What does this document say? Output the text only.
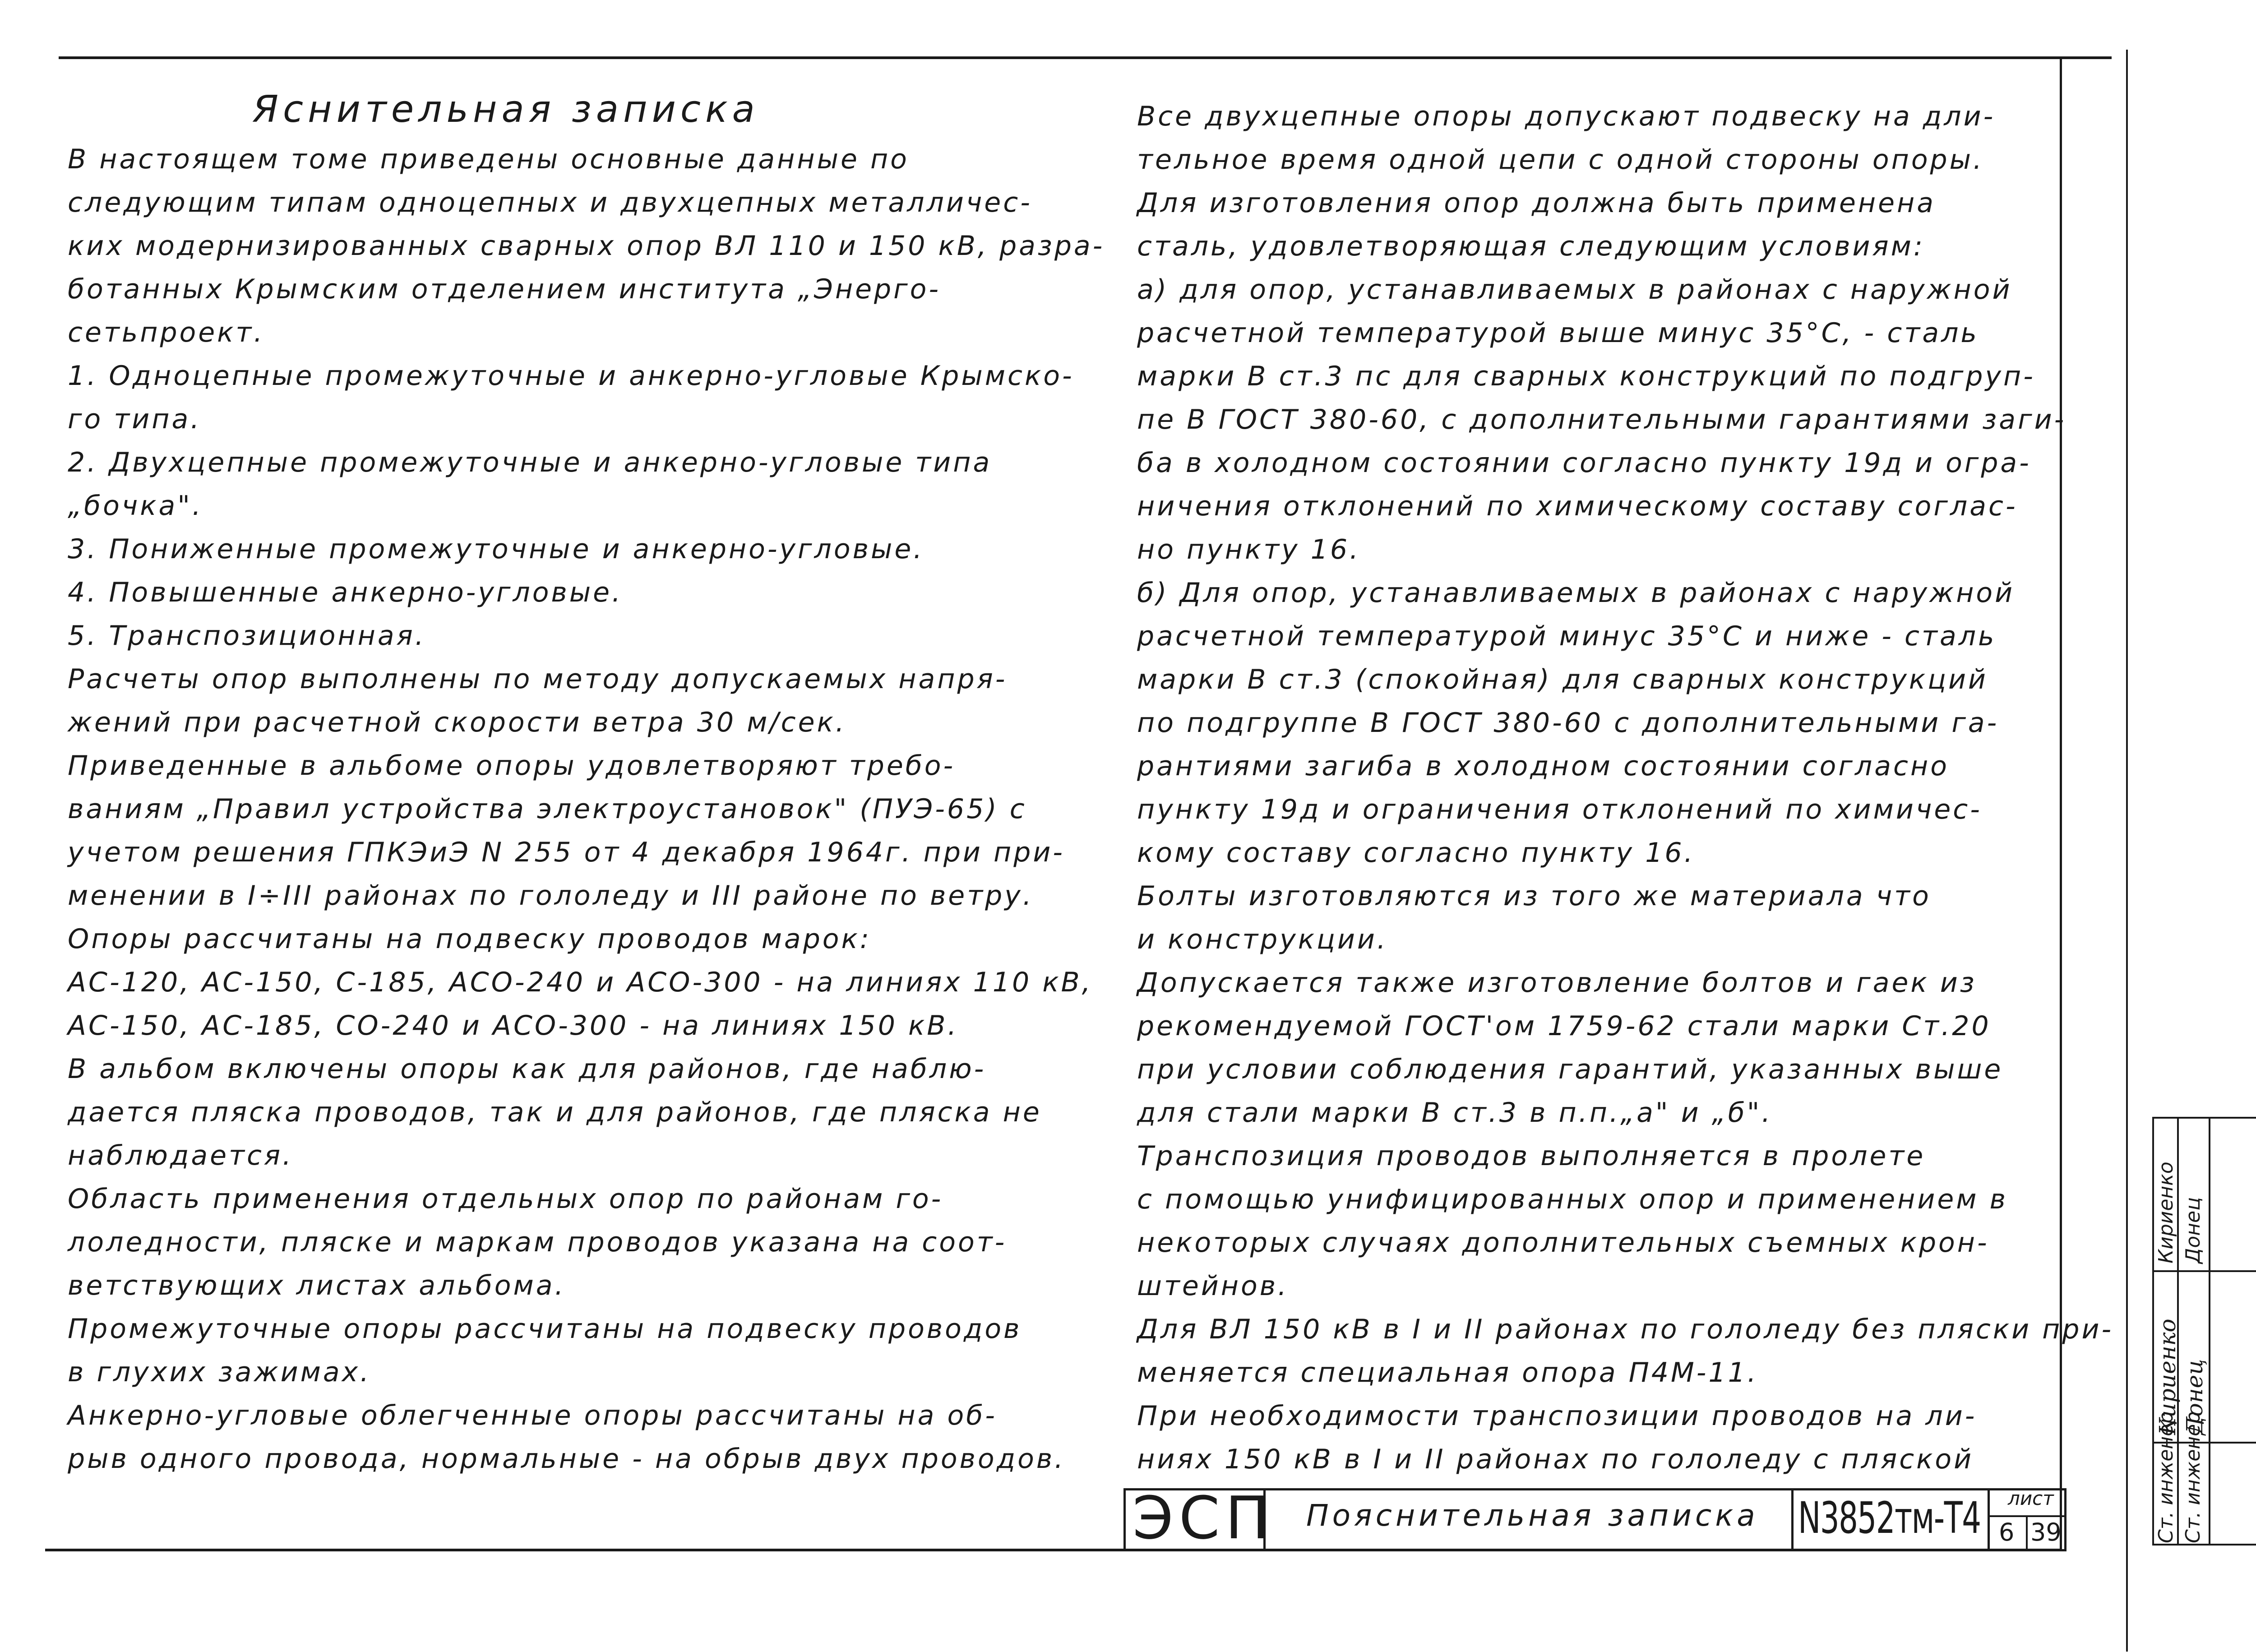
Яснительная записка

В настоящем томе приведены основные данные по

следующим типам одноцепных и двухцепных металличес-

ких модернизированных сварных опор ВЛ 110 и 150 кВ, разра-

ботанных Крымским отделением института „Энерго-

сетьпроект.

1. Одноцепные промежуточные и анкерно-угловые Крымско-

го типа.

2. Двухцепные промежуточные и анкерно-угловые типа

„бочка".

3. Пониженные промежуточные и анкерно-угловые.

4. Повышенные анкерно-угловые.

5. Транспозиционная.

Расчеты опор выполнены по методу допускаемых напря-

жений при расчетной скорости ветра 30 м/сек.

Приведенные в альбоме опоры удовлетворяют требо-

ваниям „Правил устройства электроустановок" (ПУЭ-65) с

учетом решения ГПКЭиЭ N 255 от 4 декабря 1964г. при при-

менении в I÷III районах по гололеду и III районе по ветру.

Опоры рассчитаны на подвеску проводов марок:

АС-120, АС-150, С-185, АСО-240 и АСО-300 - на линиях 110 кВ,

АС-150, АС-185, СО-240 и АСО-300 - на линиях 150 кВ.

В альбом включены опоры как для районов, где наблю-

дается пляска проводов, так и для районов, где пляска не

наблюдается.

Область применения отдельных опор по районам го-

лоледности, пляске и маркам проводов указана на соот-

ветствующих листах альбома.

Промежуточные опоры рассчитаны на подвеску проводов

в глухих зажимах.

Анкерно-угловые облегченные опоры рассчитаны на об-

рыв одного провода, нормальные - на обрыв двух проводов.

Все двухцепные опоры допускают подвеску на дли-

тельное время одной цепи с одной стороны опоры.

Для изготовления опор должна быть применена

сталь, удовлетворяющая следующим условиям:

а) для опор, устанавливаемых в районах с наружной

расчетной температурой выше минус 35°С, - сталь

марки В ст.3 пс для сварных конструкций по подгруп-

пе В ГОСТ 380-60, с дополнительными гарантиями заги-

ба в холодном состоянии согласно пункту 19д и огра-

ничения отклонений по химическому составу соглас-

но пункту 16.

б) Для опор, устанавливаемых в районах с наружной

расчетной температурой минус 35°С и ниже - сталь

марки В ст.3 (спокойная) для сварных конструкций

по подгруппе В ГОСТ 380-60 с дополнительными га-

рантиями загиба в холодном состоянии согласно

пункту 19д и ограничения отклонений по химичес-

кому составу согласно пункту 16.

Болты изготовляются из того же материала что

и конструкции.

Допускается также изготовление болтов и гаек из

рекомендуемой ГОСТ'ом 1759-62 стали марки Ст.20

при условии соблюдения гарантий, указанных выше

для стали марки В ст.3 в п.п.„а" и „б".

Транспозиция проводов выполняется в пролете

с помощью унифицированных опор и применением в

некоторых случаях дополнительных съемных крон-

штейнов.

Для ВЛ 150 кВ в I и II районах по гололеду без пляски при-

меняется специальная опора П4М-11.

При необходимости транспозиции проводов на ли-

ниях 150 кВ в I и II районах по гололеду с пляской

ЭСП Пояснительная записка N3852тм-Т4 лист
6 39	Ст. инженер Ст. инженер
Кириенко Донец
Кириенко Донец
